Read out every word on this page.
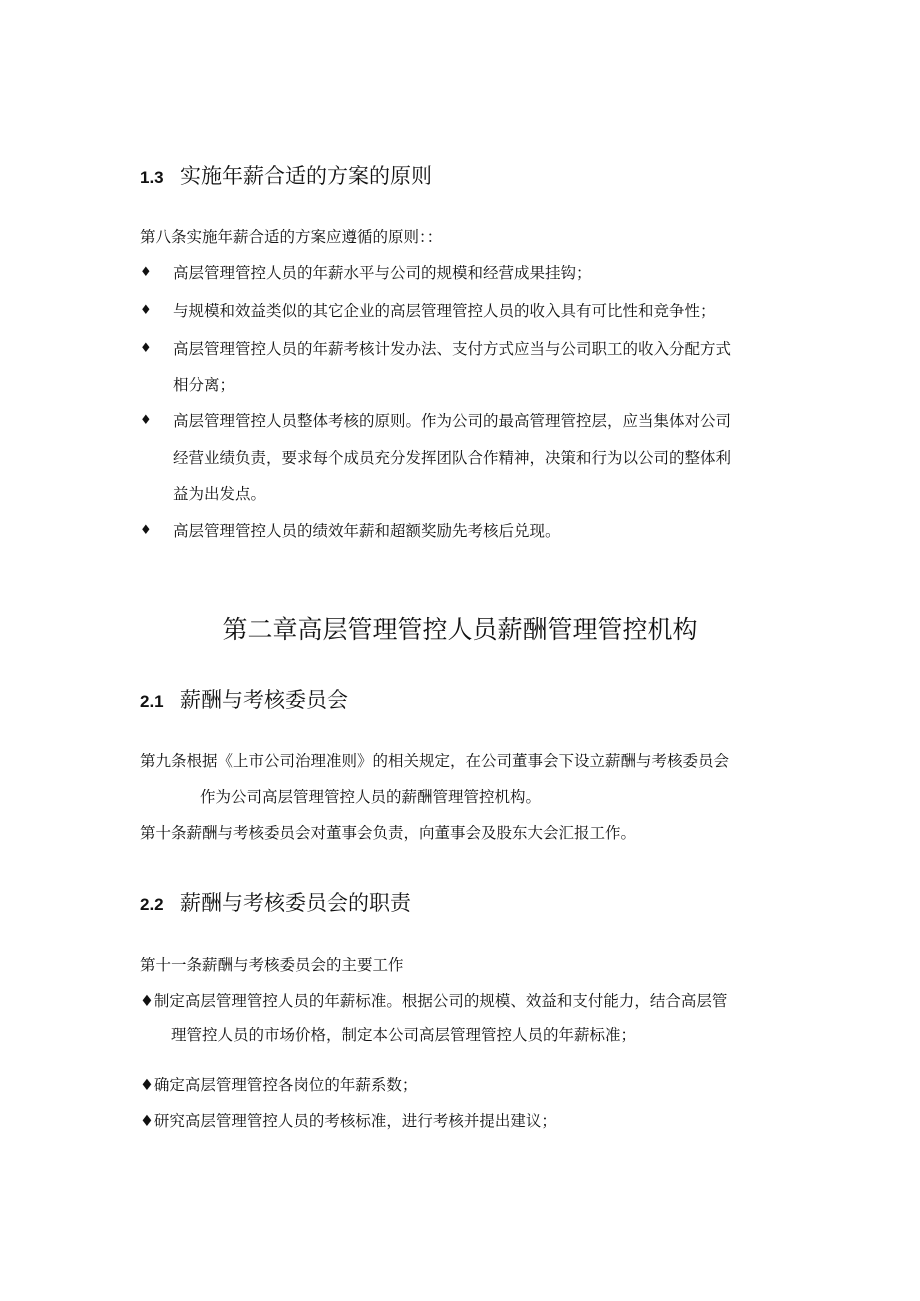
1.3 实施年薪合适的方案的原则
第八条实施年薪合适的方案应遵循的原则：：
♦ 高层管理管控人员的年薪水平与公司的规模和经营成果挂钩；
♦ 与规模和效益类似的其它企业的高层管理管控人员的收入具有可比性和竞争性；
♦ 高层管理管控人员的年薪考核计发办法、支付方式应当与公司职工的收入分配方式
相分离；
♦ 高层管理管控人员整体考核的原则。作为公司的最高管理管控层，应当集体对公司
经营业绩负责，要求每个成员充分发挥团队合作精神，决策和行为以公司的整体利
益为出发点。
♦ 高层管理管控人员的绩效年薪和超额奖励先考核后兑现。
第二章高层管理管控人员薪酬管理管控机构
2.1 薪酬与考核委员会
第九条根据《上市公司治理准则》的相关规定，在公司董事会下设立薪酬与考核委员会
作为公司高层管理管控人员的薪酬管理管控机构。
第十条薪酬与考核委员会对董事会负责，向董事会及股东大会汇报工作。
2.2 薪酬与考核委员会的职责
第十一条薪酬与考核委员会的主要工作
♦制定高层管理管控人员的年薪标准。根据公司的规模、效益和支付能力，结合高层管
理管控人员的市场价格，制定本公司高层管理管控人员的年薪标准；
♦确定高层管理管控各岗位的年薪系数；
♦研究高层管理管控人员的考核标准，进行考核并提出建议；
